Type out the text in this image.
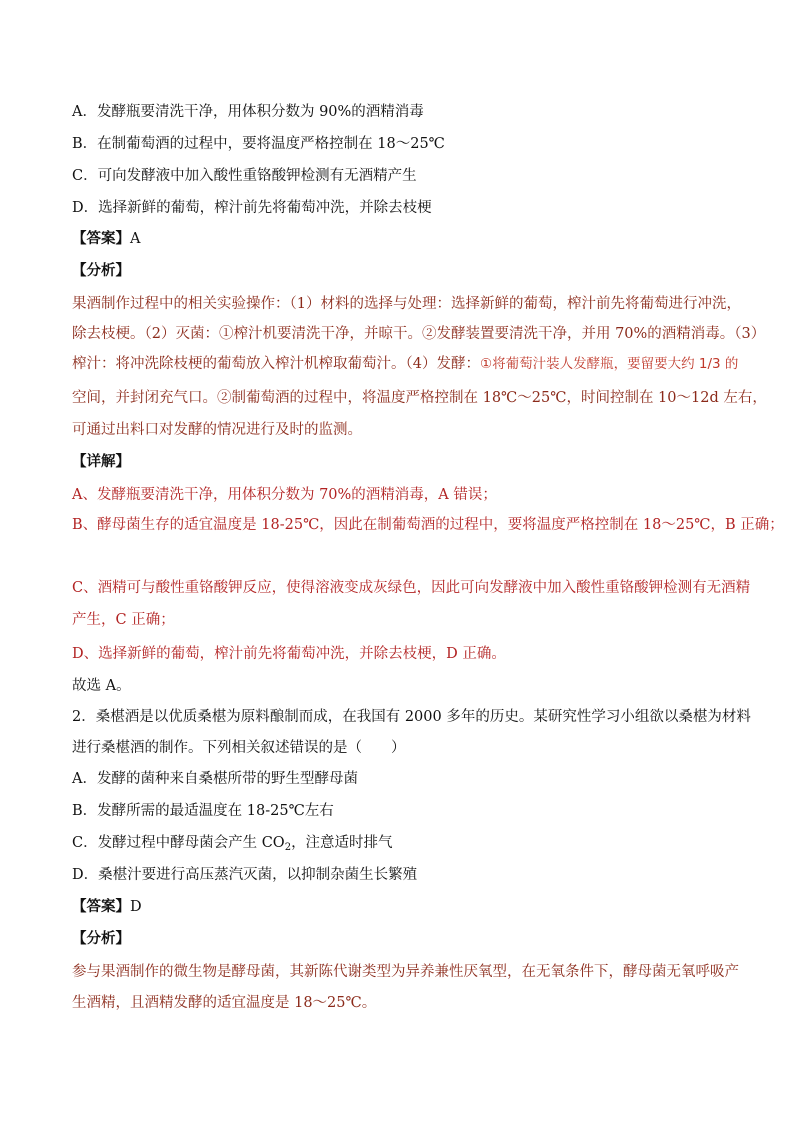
A．发酵瓶要清洗干净，用体积分数为 90%的酒精消毒
B．在制葡萄酒的过程中，要将温度严格控制在 18～25℃
C．可向发酵液中加入酸性重铬酸钾检测有无酒精产生
D．选择新鲜的葡萄，榨汁前先将葡萄冲洗，并除去枝梗
【答案】A
【分析】
果酒制作过程中的相关实验操作：（1）材料的选择与处理：选择新鲜的葡萄，榨汁前先将葡萄进行冲洗，
除去枝梗。（2）灭菌：①榨汁机要清洗干净，并晾干。②发酵装置要清洗干净，并用 70%的酒精消毒。（3）
榨汁：将冲洗除枝梗的葡萄放入榨汁机榨取葡萄汁。（4）发酵：①将葡萄汁装人发酵瓶，要留要大约 1/3 的
空间，并封闭充气口。②制葡萄酒的过程中，将温度严格控制在 18℃～25℃，时间控制在 10～12d 左右，
可通过出料口对发酵的情况进行及时的监测。
【详解】
A、发酵瓶要清洗干净，用体积分数为 70%的酒精消毒，A 错误；
B、酵母菌生存的适宜温度是 18-25℃，因此在制葡萄酒的过程中，要将温度严格控制在 18～25℃，B 正确；
C、酒精可与酸性重铬酸钾反应，使得溶液变成灰绿色，因此可向发酵液中加入酸性重铬酸钾检测有无酒精
产生，C 正确；
D、选择新鲜的葡萄，榨汁前先将葡萄冲洗，并除去枝梗，D 正确。
故选 A。
2．桑椹酒是以优质桑椹为原料酿制而成，在我国有 2000 多年的历史。某研究性学习小组欲以桑椹为材料
进行桑椹酒的制作。下列相关叙述错误的是（　　）
A．发酵的菌种来自桑椹所带的野生型酵母菌
B．发酵所需的最适温度在 18-25℃左右
C．发酵过程中酵母菌会产生 $CO_2$，注意适时排气
D．桑椹汁要进行高压蒸汽灭菌，以抑制杂菌生长繁殖
【答案】D
【分析】
参与果酒制作的微生物是酵母菌，其新陈代谢类型为异养兼性厌氧型，在无氧条件下，酵母菌无氧呼吸产
生酒精，且酒精发酵的适宜温度是 18～25℃。
